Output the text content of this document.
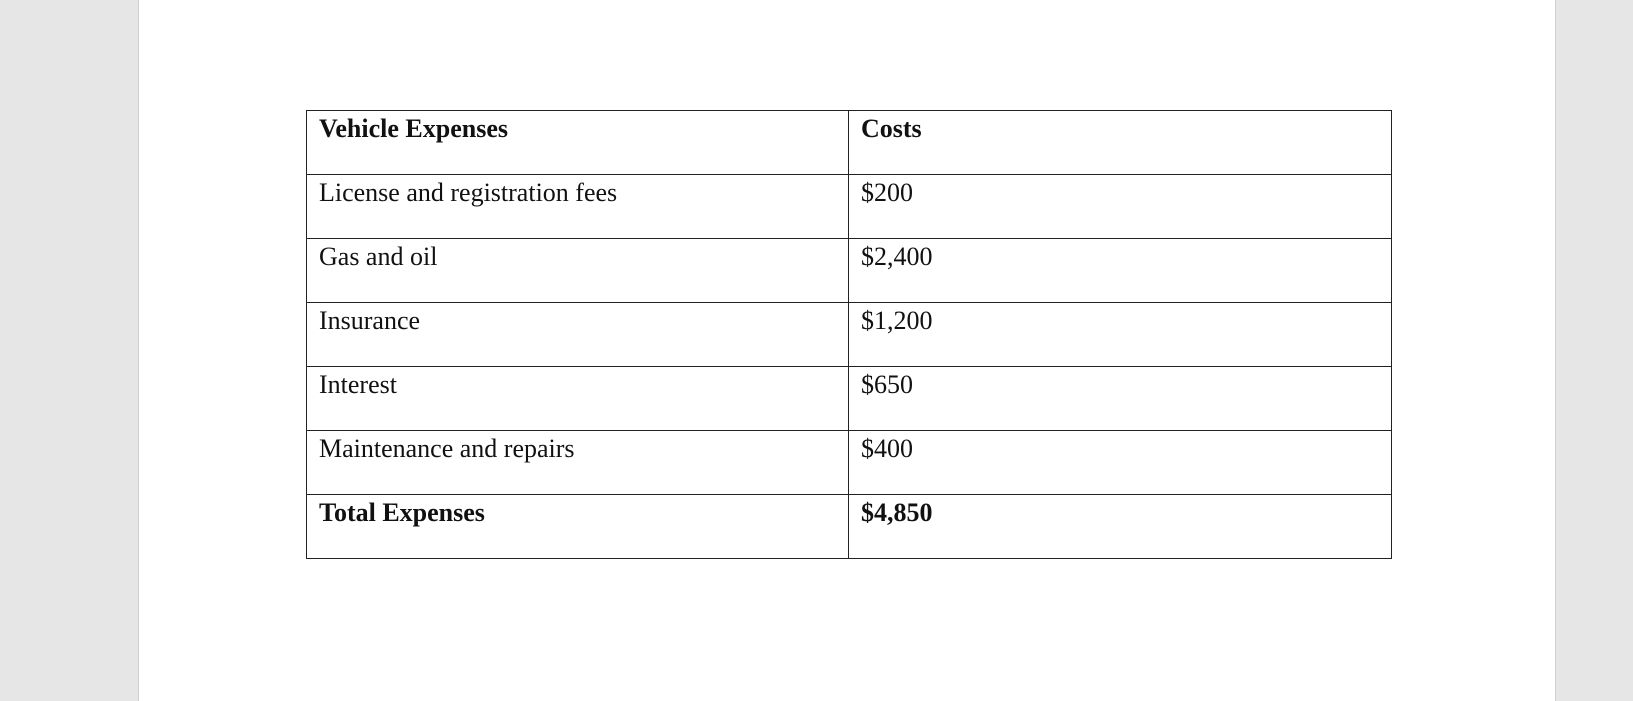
Vehicle Expenses	Costs

License and registration fees	$200

Gas and oil	$2,400

Insurance	$1,200

Interest	$650

Maintenance and repairs	$400

Total Expenses	$4,850
